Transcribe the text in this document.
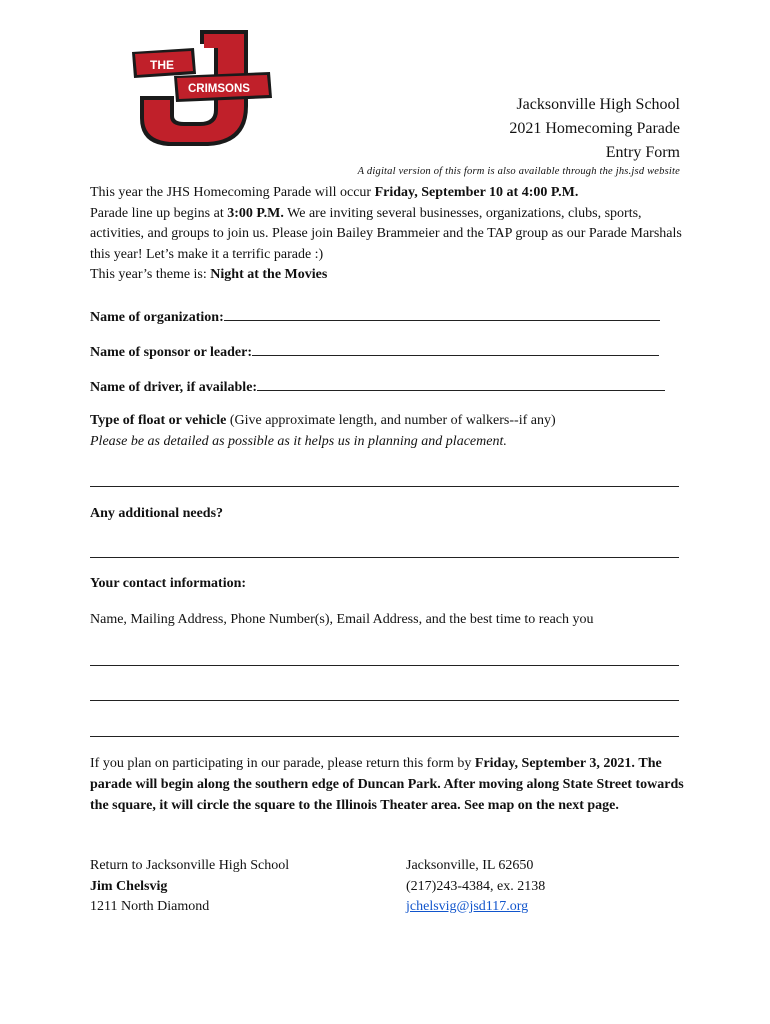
THE
CRIMSONS
Jacksonville High School
2021 Homecoming Parade
Entry Form
A digital version of this form is also available through the jhs.jsd website
This year the JHS Homecoming Parade will occur Friday, September 10 at 4:00 P.M.
Parade line up begins at 3:00 P.M. We are inviting several businesses, organizations, clubs, sports, activities, and groups to join us. Please join Bailey Brammeier and the TAP group as our Parade Marshals this year! Let’s make it a terrific parade :)
This year’s theme is: Night at the Movies
Name of organization:
Name of sponsor or leader:
Name of driver, if available:
Type of float or vehicle (Give approximate length, and number of walkers--if any)
Please be as detailed as possible as it helps us in planning and placement.
Any additional needs?
Your contact information:
Name, Mailing Address, Phone Number(s), Email Address, and the best time to reach you
If you plan on participating in our parade, please return this form by Friday, September 3, 2021. The parade will begin along the southern edge of Duncan Park. After moving along State Street towards the square, it will circle the square to the Illinois Theater area. See map on the next page.
Return to Jacksonville High School
Jim Chelsvig
1211 North Diamond
Jacksonville, IL 62650
(217)243-4384, ex. 2138
jchelsvig@jsd117.org
